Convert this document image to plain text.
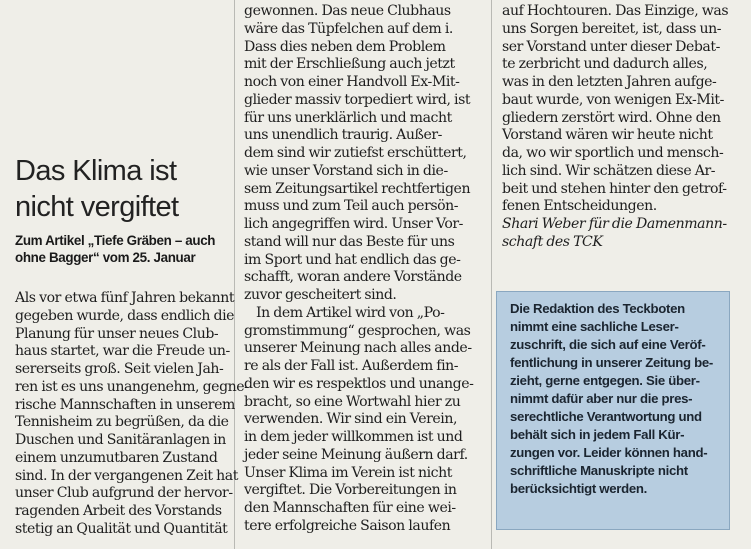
Das Klima ist
nicht vergiftet
Zum Artikel „Tiefe Gräben – auch
ohne Bagger“ vom 25. Januar
Als vor etwa fünf Jahren bekannt
gegeben wurde, dass endlich die
Planung für unser neues Club-
haus startet, war die Freude un-
sererseits groß. Seit vielen Jah-
ren ist es uns unangenehm, gegne-
rische Mannschaften in unserem
Tennisheim zu begrüßen, da die
Duschen und Sanitäranlagen in
einem unzumutbaren Zustand
sind. In der vergangenen Zeit hat
unser Club aufgrund der hervor-
ragenden Arbeit des Vorstands
stetig an Qualität und Quantität
gewonnen. Das neue Clubhaus
wäre das Tüpfelchen auf dem i.
Dass dies neben dem Problem
mit der Erschließung auch jetzt
noch von einer Handvoll Ex-Mit-
glieder massiv torpediert wird, ist
für uns unerklärlich und macht
uns unendlich traurig. Außer-
dem sind wir zutiefst erschüttert,
wie unser Vorstand sich in die-
sem Zeitungsartikel rechtfertigen
muss und zum Teil auch persön-
lich angegriffen wird. Unser Vor-
stand will nur das Beste für uns
im Sport und hat endlich das ge-
schafft, woran andere Vorstände
zuvor gescheitert sind.
In dem Artikel wird von „Po-
gromstimmung“ gesprochen, was
unserer Meinung nach alles ande-
re als der Fall ist. Außerdem fin-
den wir es respektlos und unange-
bracht, so eine Wortwahl hier zu
verwenden. Wir sind ein Verein,
in dem jeder willkommen ist und
jeder seine Meinung äußern darf.
Unser Klima im Verein ist nicht
vergiftet. Die Vorbereitungen in
den Mannschaften für eine wei-
tere erfolgreiche Saison laufen
auf Hochtouren. Das Einzige, was
uns Sorgen bereitet, ist, dass un-
ser Vorstand unter dieser Debat-
te zerbricht und dadurch alles,
was in den letzten Jahren aufge-
baut wurde, von wenigen Ex-Mit-
gliedern zerstört wird. Ohne den
Vorstand wären wir heute nicht
da, wo wir sportlich und mensch-
lich sind. Wir schätzen diese Ar-
beit und stehen hinter den getrof-
fenen Entscheidungen.
Shari Weber für die Damenmann-
schaft des TCK
Die Redaktion des Teckboten
nimmt eine sachliche Leser-
zuschrift, die sich auf eine Veröf-
fentlichung in unserer Zeitung be-
zieht, gerne entgegen. Sie über-
nimmt dafür aber nur die pres-
serechtliche Verantwortung und
behält sich in jedem Fall Kür-
zungen vor. Leider können hand-
schriftliche Manuskripte nicht
berücksichtigt werden.
